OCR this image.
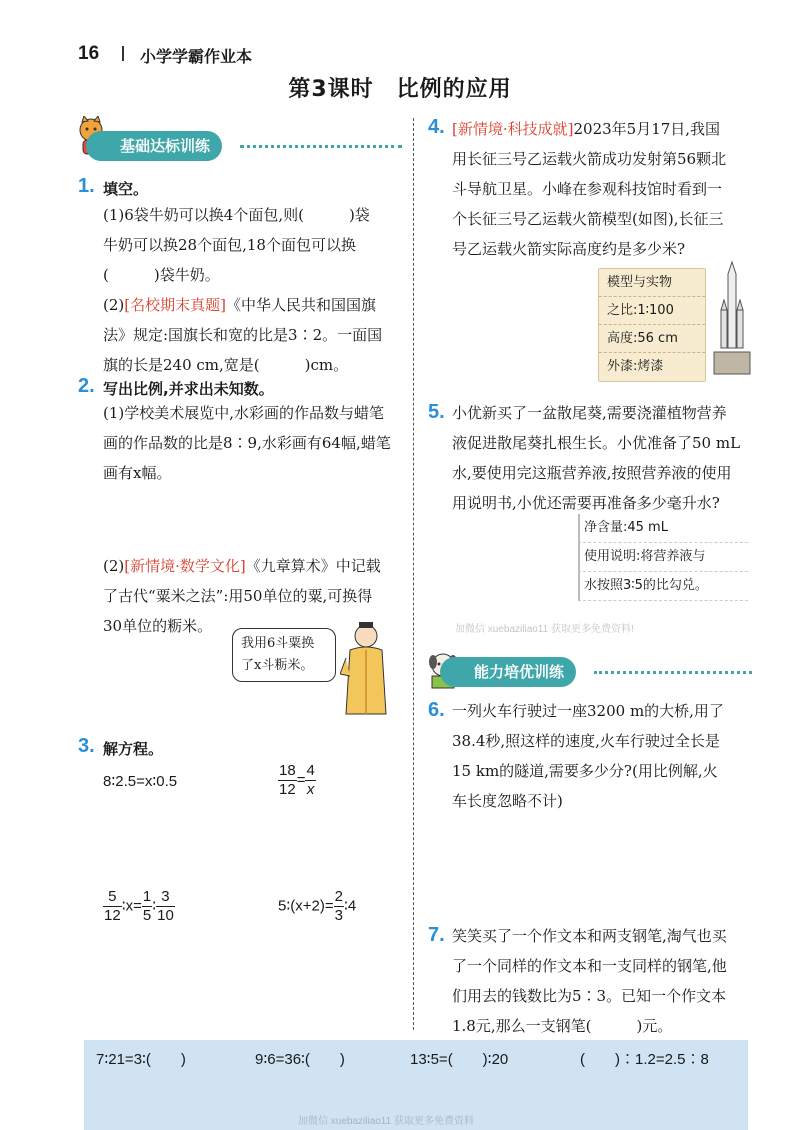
16	小学学霸作业本
第3课时　比例的应用
基础达标训练
1. 填空。
(1)6袋牛奶可以换4个面包,则(　　　)袋
牛奶可以换28个面包,18个面包可以换
(　　　)袋牛奶。
(2)[名校期末真题]《中华人民共和国国旗
法》规定:国旗长和宽的比是3∶2。一面国
旗的长是240 cm,宽是(　　　)cm。
2. 写出比例,并求出未知数。
(1)学校美术展览中,水彩画的作品数与蜡笔
画的作品数的比是8∶9,水彩画有64幅,蜡笔
画有x幅。
(2)[新情境·数学文化]《九章算术》中记载
了古代“粟米之法”:用50单位的粟,可换得
30单位的粝米。
我用6斗粟换
了x斗粝米。
3. 解方程。
8∶2.5=x∶0.5	$\frac{18}{12} = \frac{4}{x}$
$\frac{5}{12}$ ∶x= $\frac{1}{5}$ ∶ $\frac{3}{10}$	5∶(x+2)= $\frac{2}{3}$ ∶4
4. [新情境·科技成就]2023年5月17日,我国
用长征三号乙运载火箭成功发射第56颗北
斗导航卫星。小峰在参观科技馆时看到一
个长征三号乙运载火箭模型(如图),长征三
号乙运载火箭实际高度约是多少米?
模型与实物
之比:1∶100
高度:56 cm
外漆:烤漆
5. 小优新买了一盆散尾葵,需要浇灌植物营养
液促进散尾葵扎根生长。小优准备了50 mL
水,要使用完这瓶营养液,按照营养液的使用
用说明书,小优还需要再准备多少毫升水?
净含量:45 mL
使用说明:将营养液与
水按照3∶5的比勾兑。
加微信 xuebaziliao11 获取更多免费资料!
能力培优训练
6. 一列火车行驶过一座3200 m的大桥,用了
38.4秒,照这样的速度,火车行驶过全长是
15 km的隧道,需要多少分?(用比例解,火
车长度忽略不计)
7. 笑笑买了一个作文本和两支钢笔,淘气也买
了一个同样的作文本和一支同样的钢笔,他
们用去的钱数比为5∶3。已知一个作文本
1.8元,那么一支钢笔(　　　)元。
7∶21=3∶(　　)	9∶6=36∶(　　)	13∶5=(　　)∶20	(　　)∶1.2=2.5∶8
加微信 xuebaziliao11 获取更多免费资料
